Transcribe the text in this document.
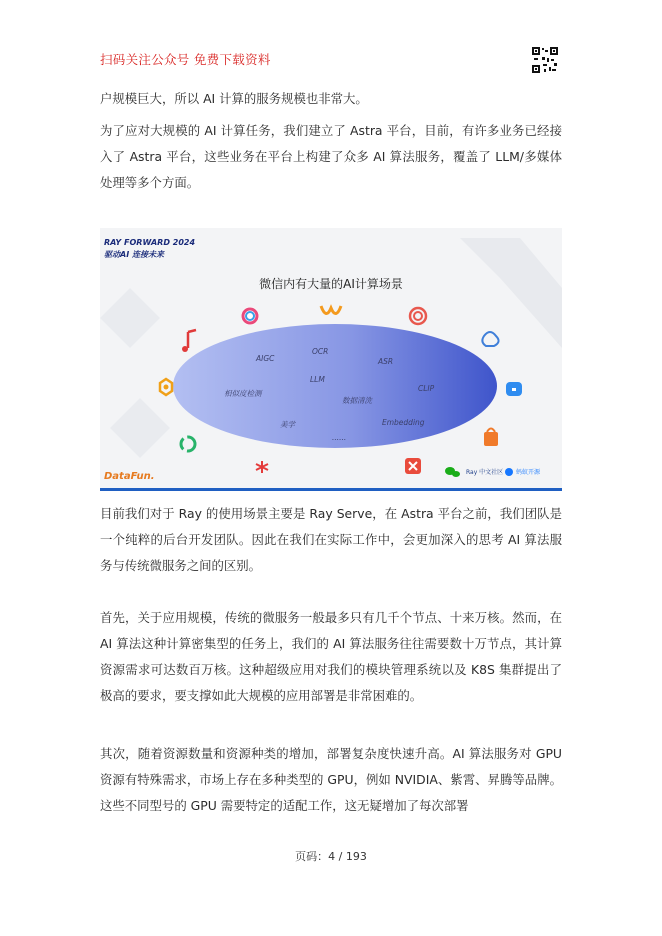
扫码关注公众号 免费下载资料
户规模巨大，所以 AI 计算的服务规模也非常大。
为了应对大规模的 AI 计算任务，我们建立了 Astra 平台，目前，有许多业务已经接入了 Astra 平台，这些业务在平台上构建了众多 AI 算法服务，覆盖了 LLM/多媒体处理等多个方面。
RAY FORWARD 2024
驱动AI 连接未来
微信内有大量的AI计算场景
AIGC
OCR
ASR
LLM
CLIP
相似度检测
数据清洗
美学	Embedding
......
DataFun.	Ray 中文社区 蚂蚁开源
目前我们对于 Ray 的使用场景主要是 Ray Serve，在 Astra 平台之前，我们团队是一个纯粹的后台开发团队。因此在我们在实际工作中，会更加深入的思考 AI 算法服务与传统微服务之间的区别。
首先，关于应用规模，传统的微服务一般最多只有几千个节点、十来万核。然而，在 AI 算法这种计算密集型的任务上，我们的 AI 算法服务往往需要数十万节点，其计算资源需求可达数百万核。这种超级应用对我们的模块管理系统以及 K8S 集群提出了极高的要求，要支撑如此大规模的应用部署是非常困难的。
其次，随着资源数量和资源种类的增加，部署复杂度快速升高。AI 算法服务对 GPU 资源有特殊需求，市场上存在多种类型的 GPU，例如 NVIDIA、紫霄、昇腾等品牌。这些不同型号的 GPU 需要特定的适配工作，这无疑增加了每次部署
页码：4 / 193
